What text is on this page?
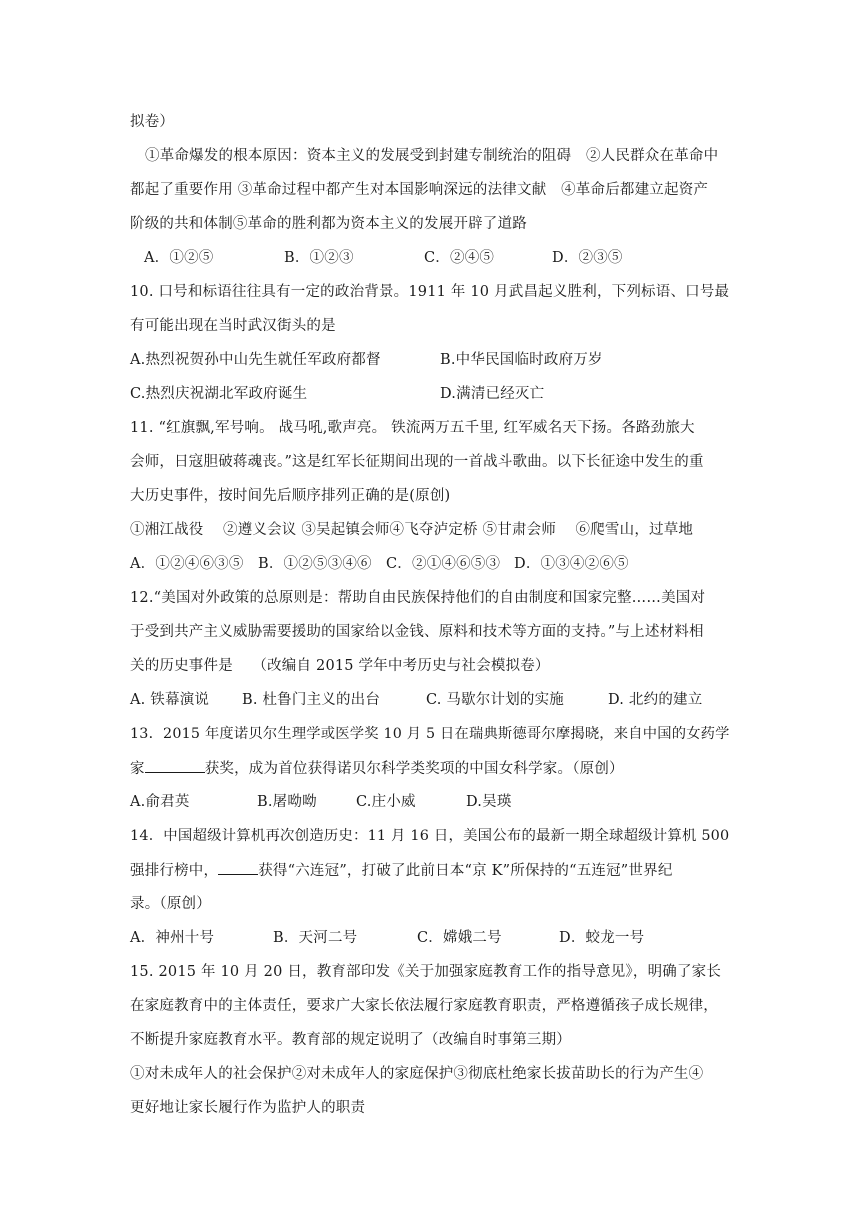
拟卷）
①革命爆发的根本原因：资本主义的发展受到封建专制统治的阻碍　②人民群众在革命中
都起了重要作用 ③革命过程中都产生对本国影响深远的法律文献　④革命后都建立起资产
阶级的共和体制⑤革命的胜利都为资本主义的发展开辟了道路
A．①②⑤	B．①②③	C．②④⑤	D．②③⑤
10. 口号和标语往往具有一定的政治背景。1911 年 10 月武昌起义胜利，下列标语、口号最
有可能出现在当时武汉街头的是
A.热烈祝贺孙中山先生就任军政府都督	B.中华民国临时政府万岁
C.热烈庆祝湖北军政府诞生	D.满清已经灭亡
11. “红旗飘,军号响。 战马吼,歌声亮。 铁流两万五千里, 红军威名天下扬。各路劲旅大
会师，日寇胆破蒋魂丧。”这是红军长征期间出现的一首战斗歌曲。以下长征途中发生的重
大历史事件，按时间先后顺序排列正确的是(原创)
①湘江战役　 ②遵义会议 ③吴起镇会师④飞夺泸定桥 ⑤甘肃会师　 ⑥爬雪山，过草地
A．①②④⑥③⑤ B．①②⑤③④⑥ C．②①④⑥⑤③ D．①③④②⑥⑤
12.“美国对外政策的总原则是：帮助自由民族保持他们的自由制度和国家完整……美国对
于受到共产主义威胁需要援助的国家给以金钱、原料和技术等方面的支持。”与上述材料相
关的历史事件是　 （改编自 2015 学年中考历史与社会模拟卷）
A. 铁幕演说 B. 杜鲁门主义的出台	C. 马歇尔计划的实施	D. 北约的建立
13．2015 年度诺贝尔生理学或医学奖 10 月 5 日在瑞典斯德哥尔摩揭晓，来自中国的女药学
家	获奖，成为首位获得诺贝尔科学类奖项的中国女科学家。（原创）
A.俞君英	B.屠呦呦	C.庄小威	D.吴瑛
14．中国超级计算机再次创造历史：11 月 16 日，美国公布的最新一期全球超级计算机 500
强排行榜中，	获得“六连冠”，打破了此前日本“京 K”所保持的“五连冠”世界纪
录。（原创）
A．神州十号	B．天河二号	C．嫦娥二号	D．蛟龙一号
15. 2015 年 10 月 20 日，教育部印发《关于加强家庭教育工作的指导意见》，明确了家长
在家庭教育中的主体责任，要求广大家长依法履行家庭教育职责，严格遵循孩子成长规律，
不断提升家庭教育水平。教育部的规定说明了（改编自时事第三期）
①对未成年人的社会保护②对未成年人的家庭保护③彻底杜绝家长拔苗助长的行为产生④
更好地让家长履行作为监护人的职责
